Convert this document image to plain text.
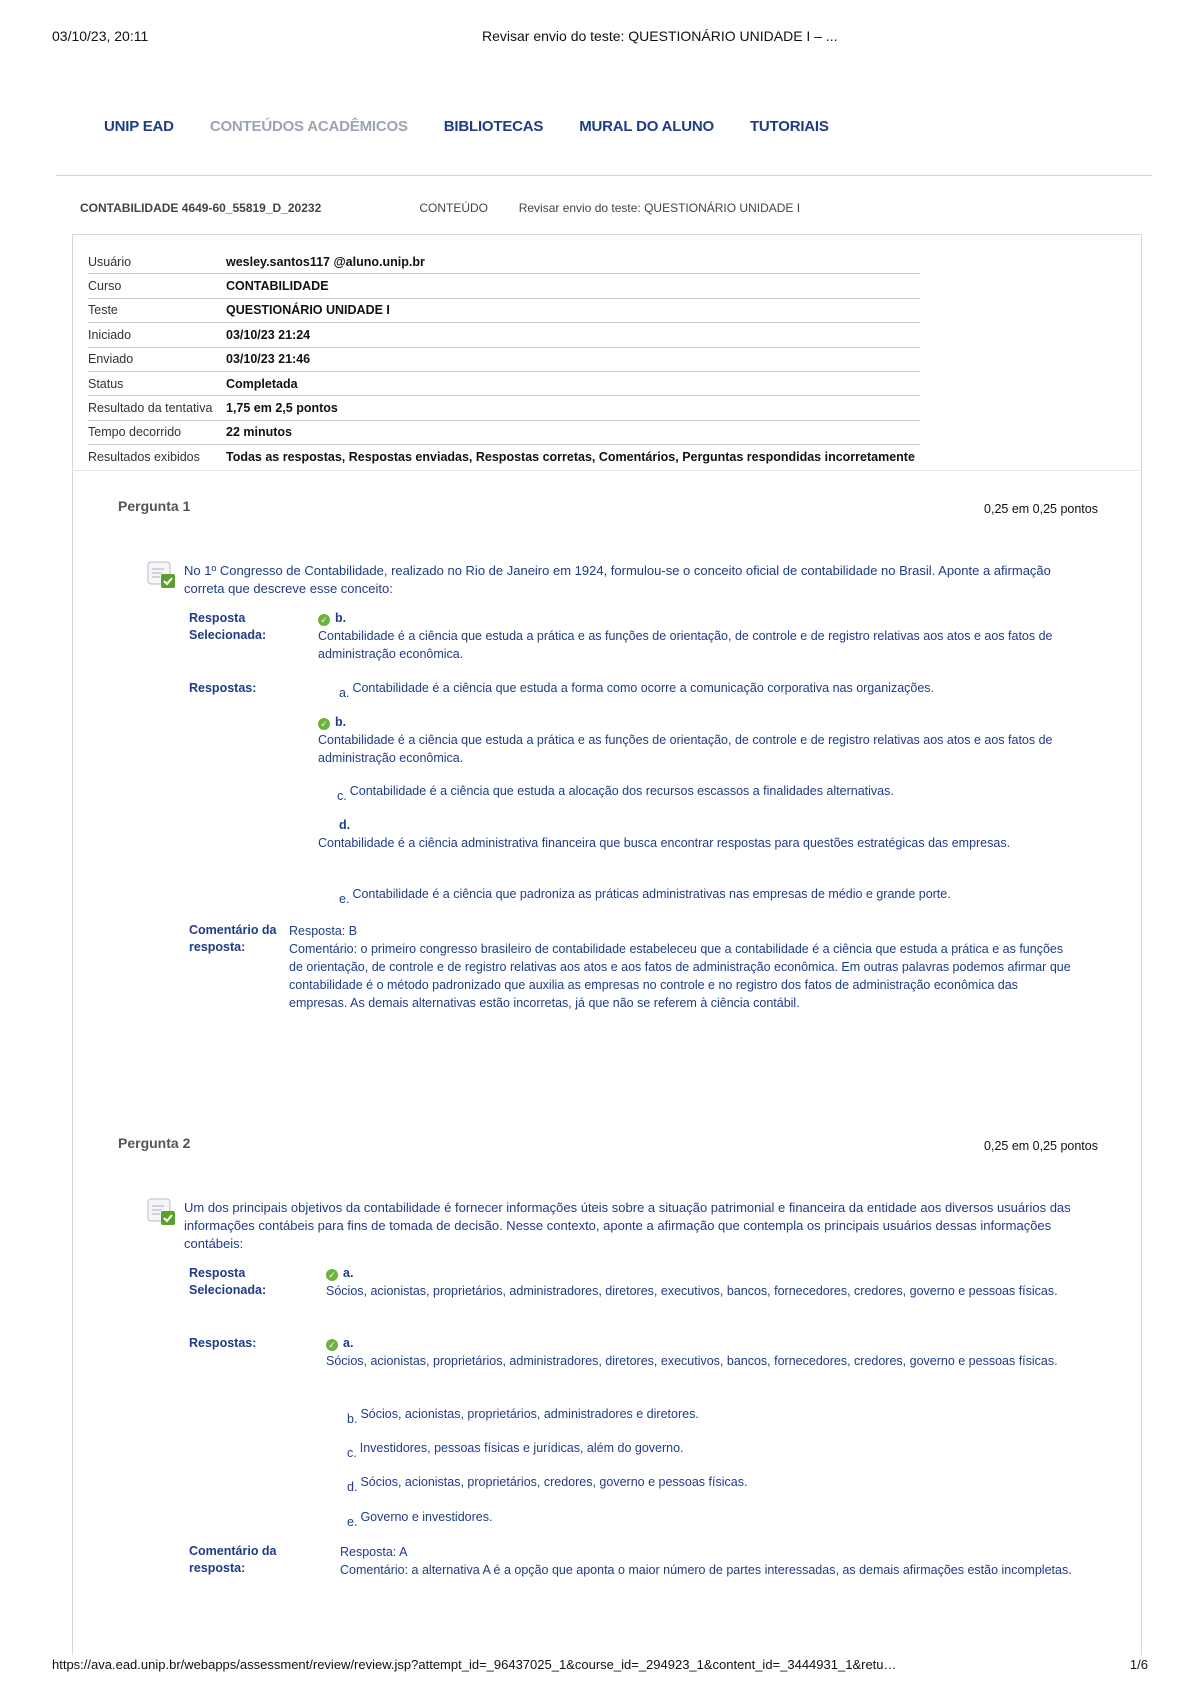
03/10/23, 20:11	Revisar envio do teste: QUESTIONÁRIO UNIDADE I – ...
UNIP EAD CONTEÚDOS ACADÊMICOS BIBLIOTECAS MURAL DO ALUNO TUTORIAIS
CONTABILIDADE 4649-60_55819_D_20232	CONTEÚDO	Revisar envio do teste: QUESTIONÁRIO UNIDADE I
Usuário	wesley.santos117 @aluno.unip.br
Curso	CONTABILIDADE
Teste	QUESTIONÁRIO UNIDADE I
Iniciado	03/10/23 21:24
Enviado	03/10/23 21:46
Status	Completada
Resultado da tentativa	1,75 em 2,5 pontos
Tempo decorrido	22 minutos
Resultados exibidos	Todas as respostas, Respostas enviadas, Respostas corretas, Comentários, Perguntas respondidas incorretamente
Pergunta 1	0,25 em 0,25 pontos
No 1º Congresso de Contabilidade, realizado no Rio de Janeiro em 1924, formulou-se o conceito oficial de contabilidade no Brasil. Aponte a afirmação correta que descreve esse conceito:
Resposta
Selecionada:
✓ b.
Contabilidade é a ciência que estuda a prática e as funções de orientação, de controle e de registro relativas aos atos e aos fatos de administração econômica.
Respostas:	a. Contabilidade é a ciência que estuda a forma como ocorre a comunicação corporativa nas organizações.
✓ b.
Contabilidade é a ciência que estuda a prática e as funções de orientação, de controle e de registro relativas aos atos e aos fatos de administração econômica.
c. Contabilidade é a ciência que estuda a alocação dos recursos escassos a finalidades alternativas.
d.
Contabilidade é a ciência administrativa financeira que busca encontrar respostas para questões estratégicas das empresas.
e. Contabilidade é a ciência que padroniza as práticas administrativas nas empresas de médio e grande porte.
Comentário da
resposta:
Resposta: B
Comentário: o primeiro congresso brasileiro de contabilidade estabeleceu que a contabilidade é a ciência que estuda a prática e as funções de orientação, de controle e de registro relativas aos atos e aos fatos de administração econômica. Em outras palavras podemos afirmar que contabilidade é o método padronizado que auxilia as empresas no controle e no registro dos fatos de administração econômica das empresas. As demais alternativas estão incorretas, já que não se referem à ciência contábil.
Pergunta 2	0,25 em 0,25 pontos
Um dos principais objetivos da contabilidade é fornecer informações úteis sobre a situação patrimonial e financeira da entidade aos diversos usuários das informações contábeis para fins de tomada de decisão. Nesse contexto, aponte a afirmação que contempla os principais usuários dessas informações contábeis:
Resposta
Selecionada:
✓ a.
Sócios, acionistas, proprietários, administradores, diretores, executivos, bancos, fornecedores, credores, governo e pessoas físicas.
Respostas:	✓ a.
Sócios, acionistas, proprietários, administradores, diretores, executivos, bancos, fornecedores, credores, governo e pessoas físicas.
b. Sócios, acionistas, proprietários, administradores e diretores.
c. Investidores, pessoas físicas e jurídicas, além do governo.
d. Sócios, acionistas, proprietários, credores, governo e pessoas físicas.
e. Governo e investidores.
Comentário da
resposta:
Resposta: A
Comentário: a alternativa A é a opção que aponta o maior número de partes interessadas, as demais afirmações estão incompletas.
https://ava.ead.unip.br/webapps/assessment/review/review.jsp?attempt_id=_96437025_1&course_id=_294923_1&content_id=_3444931_1&retu…	1/6
